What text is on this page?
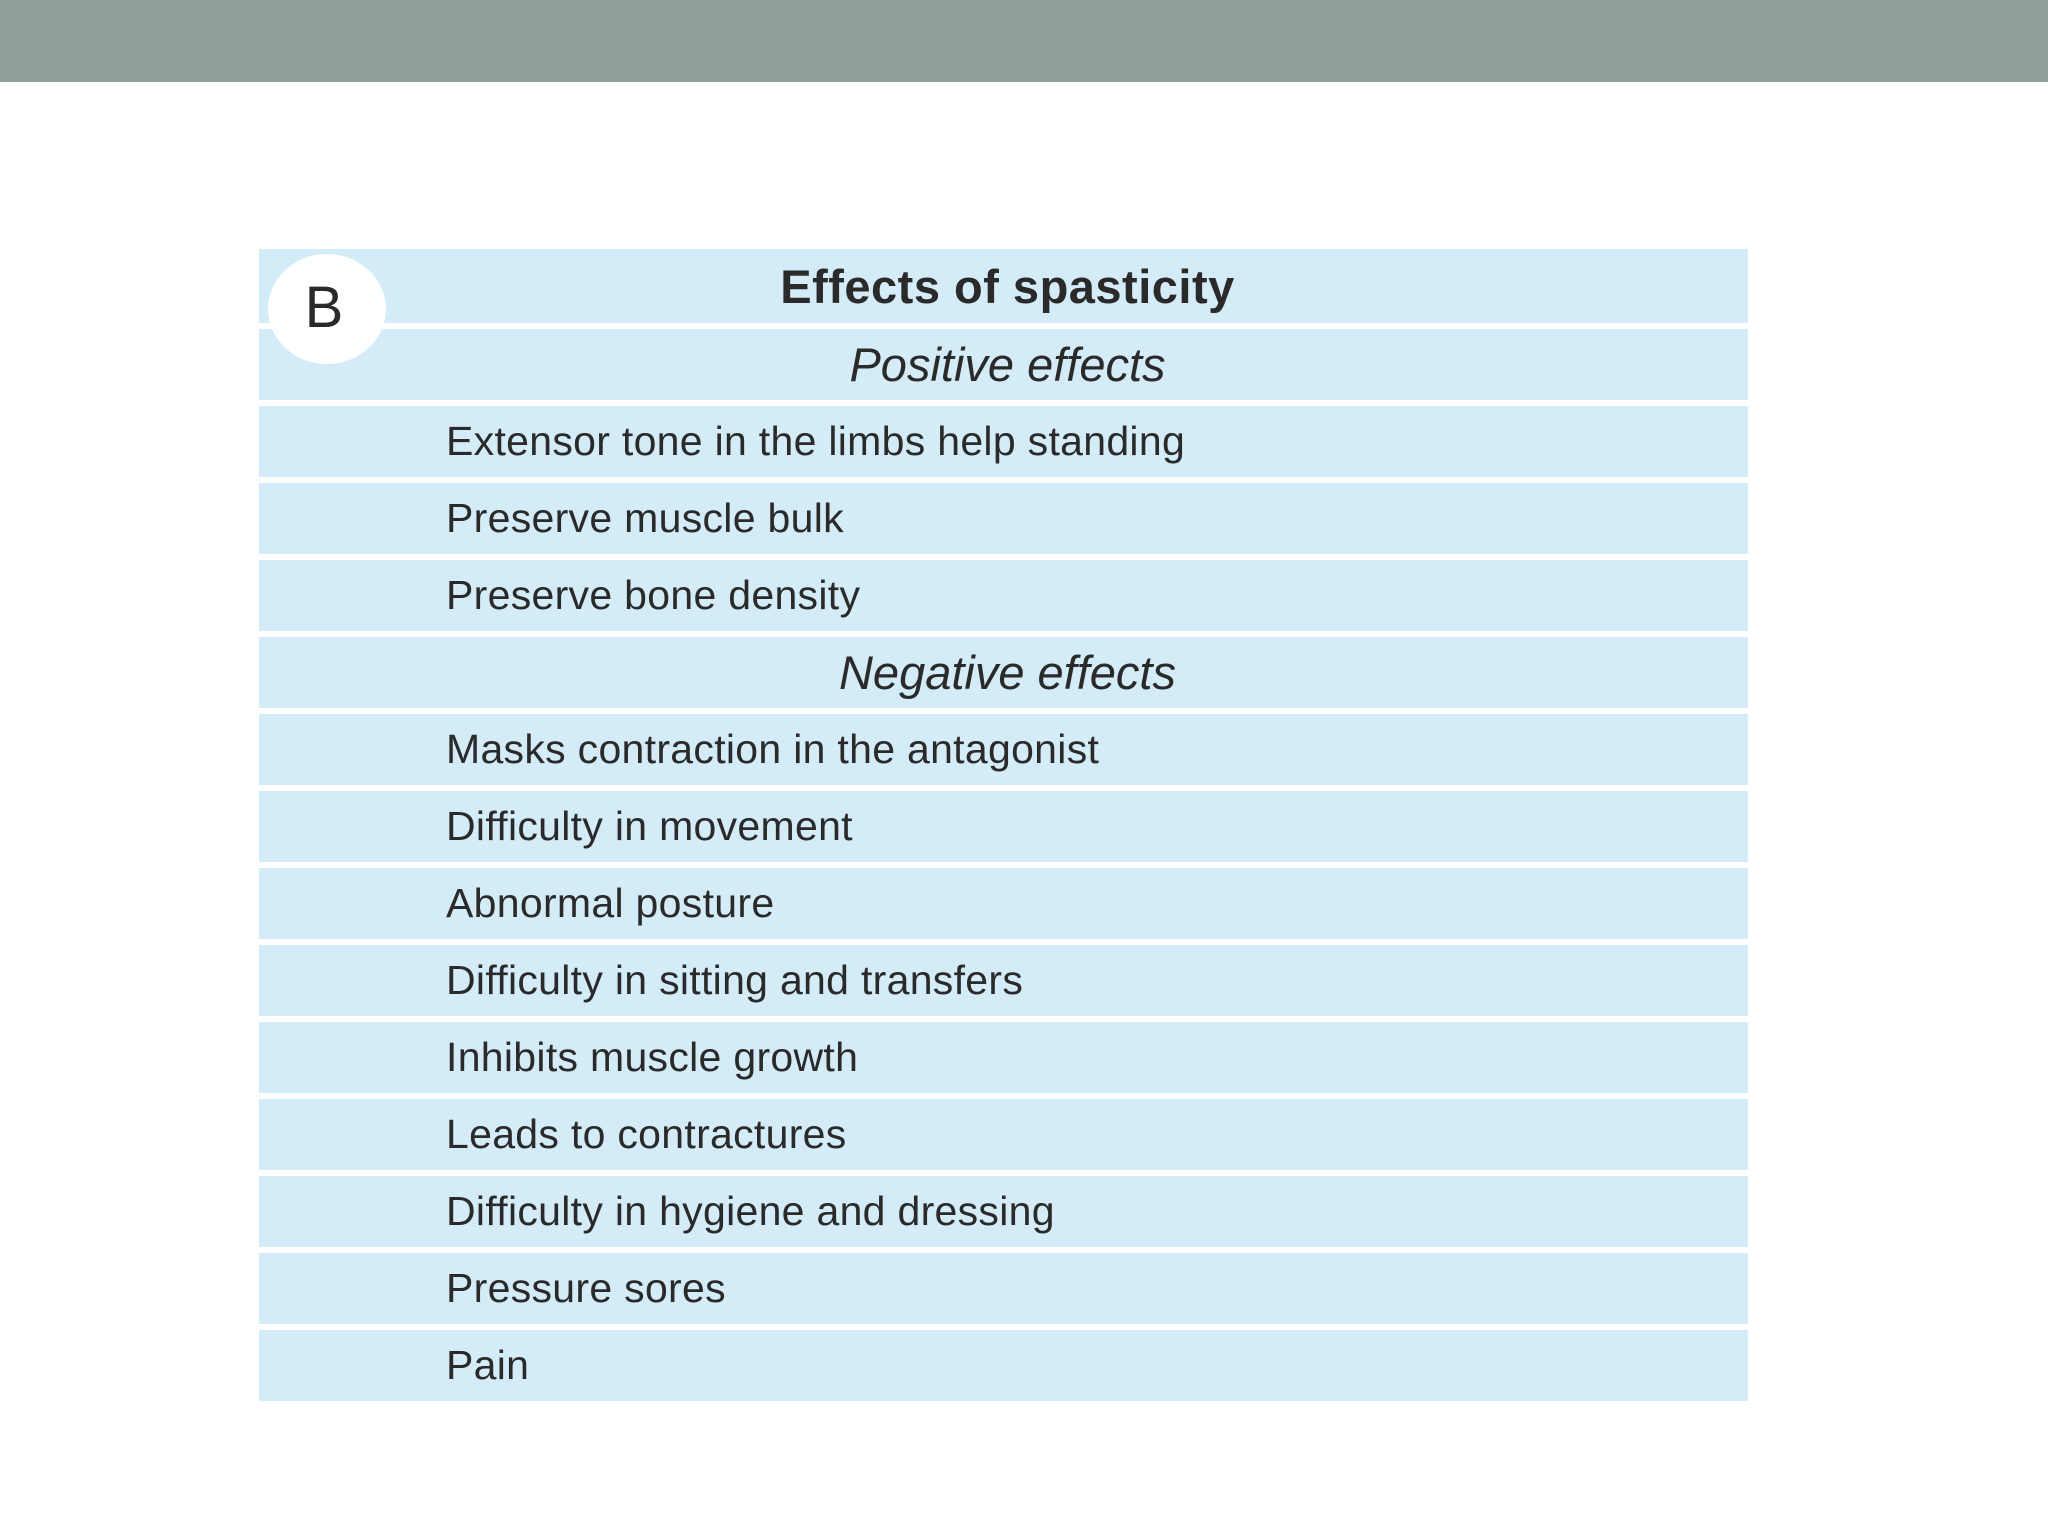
B	Effects of spasticity
Positive effects
Extensor tone in the limbs help standing
Preserve muscle bulk
Preserve bone density
Negative effects
Masks contraction in the antagonist
Difficulty in movement
Abnormal posture
Difficulty in sitting and transfers
Inhibits muscle growth
Leads to contractures
Difficulty in hygiene and dressing
Pressure sores
Pain
